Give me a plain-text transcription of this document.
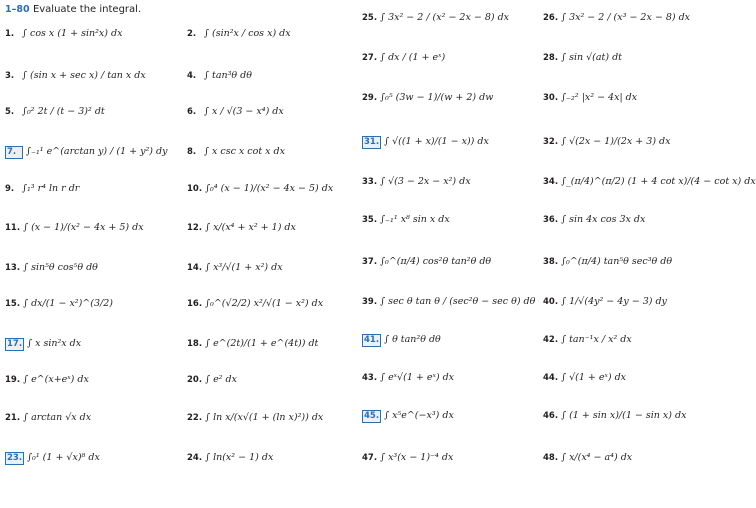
1–80 Evaluate the integral.
1. ∫ cos x (1 + sin²x) dx
3. ∫ (sin x + sec x) / tan x dx
5. ∫₀² 2t / (t − 3)² dt
7. ∫₋₁¹ e^(arctan y) / (1 + y²) dy
9. ∫₁³ r⁴ ln r dr
11. ∫ (x − 1)/(x² − 4x + 5) dx
13. ∫ sin⁵θ cos⁵θ dθ
15. ∫ dx/(1 − x²)^(3/2)
17. ∫ x sin²x dx
19. ∫ e^(x+eˣ) dx
21. ∫ arctan √x dx
23. ∫₀¹ (1 + √x)⁸ dx
2. ∫ (sin²x / cos x) dx
4. ∫ tan³θ dθ
6. ∫ x / √(3 − x⁴) dx
8. ∫ x csc x cot x dx
10. ∫₀⁴ (x − 1)/(x² − 4x − 5) dx
12. ∫ x/(x⁴ + x² + 1) dx
14. ∫ x³/√(1 + x²) dx
16. ∫₀^(√2/2) x²/√(1 − x²) dx
18. ∫ e^(2t)/(1 + e^(4t)) dt
20. ∫ e² dx
22. ∫ ln x/(x√(1 + (ln x)²)) dx
24. ∫ ln(x² − 1) dx
25. ∫ 3x² − 2 / (x² − 2x − 8) dx
27. ∫ dx / (1 + eˣ)
29. ∫₀⁵ (3w − 1)/(w + 2) dw
31. ∫ √((1 + x)/(1 − x)) dx
33. ∫ √(3 − 2x − x²) dx
35. ∫₋₁¹ x⁸ sin x dx
37. ∫₀^(π/4) cos²θ tan²θ dθ
39. ∫ sec θ tan θ / (sec²θ − sec θ) dθ
41. ∫ θ tan²θ dθ
43. ∫ eˣ√(1 + eˣ) dx
45. ∫ x⁵e^(−x³) dx
47. ∫ x³(x − 1)⁻⁴ dx
26. ∫ 3x² − 2 / (x³ − 2x − 8) dx
28. ∫ sin √(at) dt
30. ∫₋₂² |x² − 4x| dx
32. ∫ √(2x − 1)/(2x + 3) dx
34. ∫_(π/4)^(π/2) (1 + 4 cot x)/(4 − cot x) dx
36. ∫ sin 4x cos 3x dx
38. ∫₀^(π/4) tan⁵θ sec³θ dθ
40. ∫ 1/√(4y² − 4y − 3) dy
42. ∫ tan⁻¹x / x² dx
44. ∫ √(1 + eˣ) dx
46. ∫ (1 + sin x)/(1 − sin x) dx
48. ∫ x/(x⁴ − a⁴) dx
